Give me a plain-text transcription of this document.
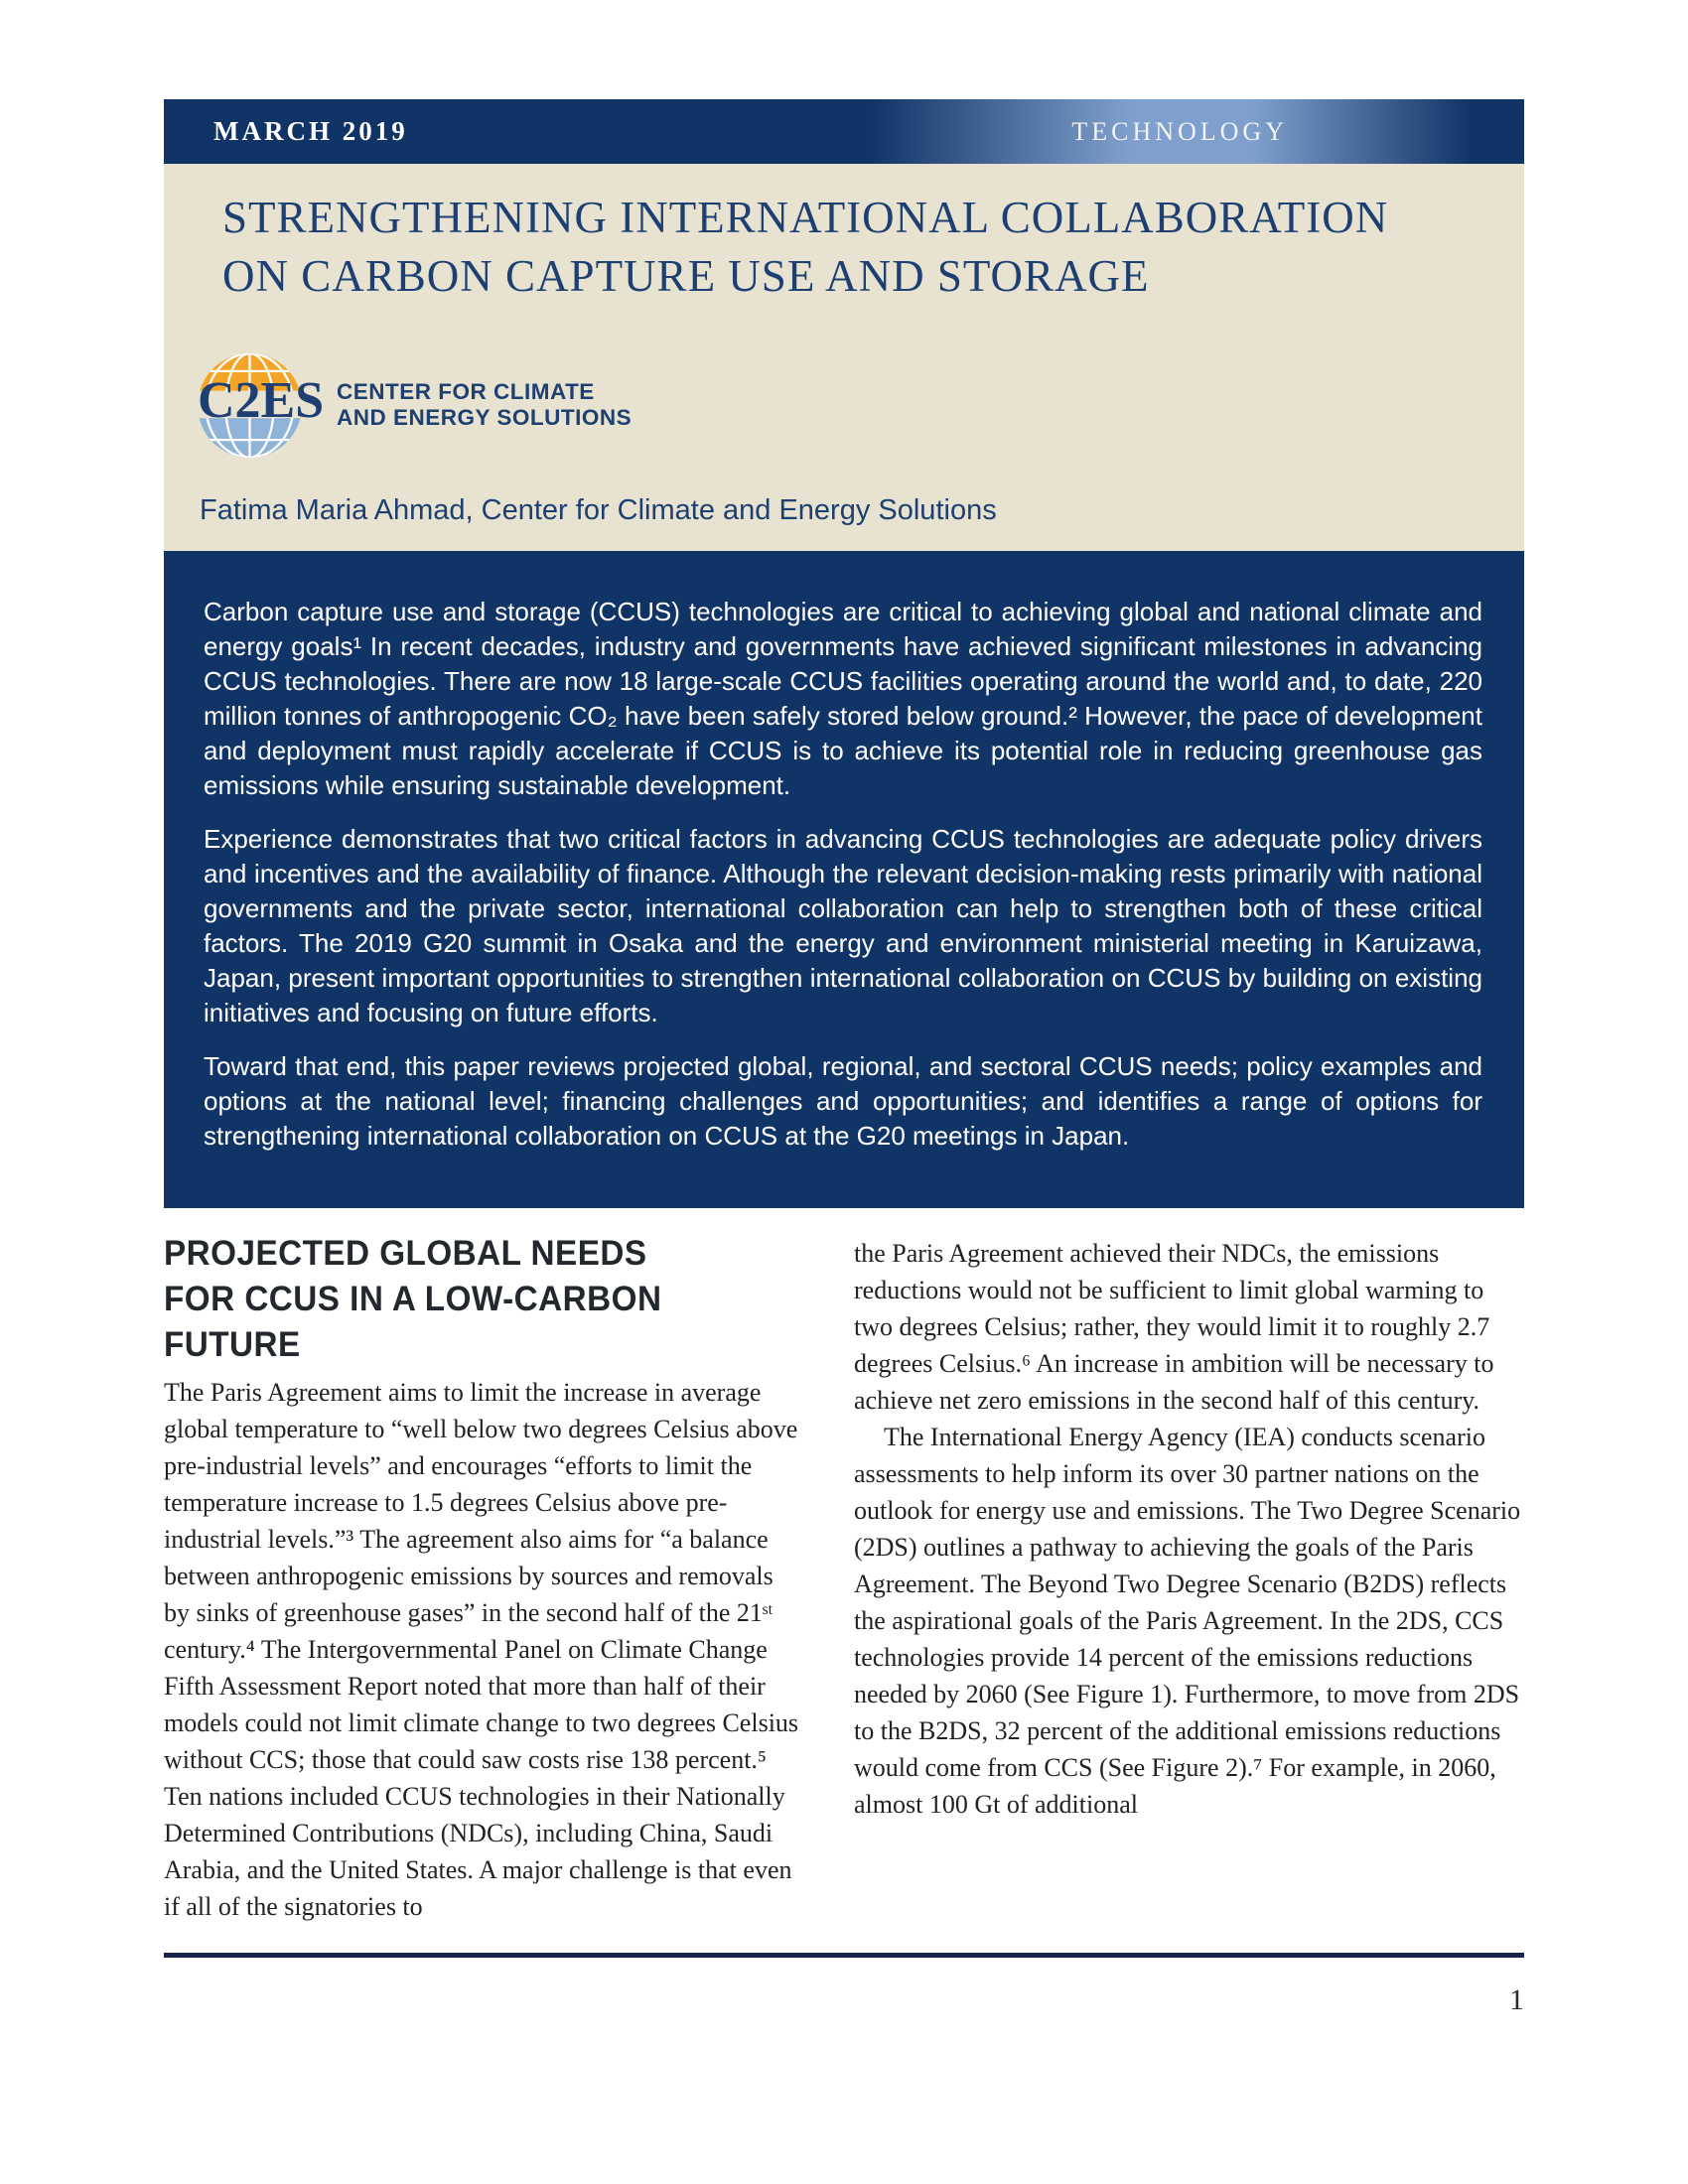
MARCH 2019	TECHNOLOGY
STRENGTHENING INTERNATIONAL COLLABORATION
ON CARBON CAPTURE USE AND STORAGE
C2ES CENTER FOR CLIMATE
AND ENERGY SOLUTIONS
Fatima Maria Ahmad, Center for Climate and Energy Solutions

Carbon capture use and storage (CCUS) technologies are critical to achieving global and national climate and energy goals¹ In recent decades, industry and governments have achieved significant milestones in advancing CCUS technologies. There are now 18 large-scale CCUS facilities operating around the world and, to date, 220 million tonnes of anthropogenic CO₂ have been safely stored below ground.² However, the pace of development and deployment must rapidly accelerate if CCUS is to achieve its potential role in reducing greenhouse gas emissions while ensuring sustainable development.

Experience demonstrates that two critical factors in advancing CCUS technologies are adequate policy drivers and incentives and the availability of finance. Although the relevant decision-making rests primarily with national governments and the private sector, international collaboration can help to strengthen both of these critical factors. The 2019 G20 summit in Osaka and the energy and environment ministerial meeting in Karuizawa, Japan, present important opportunities to strengthen international collaboration on CCUS by building on existing initiatives and focusing on future efforts.

Toward that end, this paper reviews projected global, regional, and sectoral CCUS needs; policy examples and options at the national level; financing challenges and opportunities; and identifies a range of options for strengthening international collaboration on CCUS at the G20 meetings in Japan.

PROJECTED GLOBAL NEEDS
FOR CCUS IN A LOW-CARBON FUTURE

The Paris Agreement aims to limit the increase in average global temperature to “well below two degrees Celsius above pre-industrial levels” and encourages “efforts to limit the temperature increase to 1.5 degrees Celsius above pre-industrial levels.”³ The agreement also aims for “a balance between anthropogenic emissions by sources and removals by sinks of greenhouse gases” in the second half of the 21ˢᵗ century.⁴ The Intergovernmental Panel on Climate Change Fifth Assessment Report noted that more than half of their models could not limit climate change to two degrees Celsius without CCS; those that could saw costs rise 138 percent.⁵ Ten nations included CCUS technologies in their Nationally Determined Contributions (NDCs), including China, Saudi Arabia, and the United States. A major challenge is that even if all of the signatories to

the Paris Agreement achieved their NDCs, the emissions reductions would not be sufficient to limit global warming to two degrees Celsius; rather, they would limit it to roughly 2.7 degrees Celsius.⁶ An increase in ambition will be necessary to achieve net zero emissions in the second half of this century.

The International Energy Agency (IEA) conducts scenario assessments to help inform its over 30 partner nations on the outlook for energy use and emissions. The Two Degree Scenario (2DS) outlines a pathway to achieving the goals of the Paris Agreement. The Beyond Two Degree Scenario (B2DS) reflects the aspirational goals of the Paris Agreement. In the 2DS, CCS technologies provide 14 percent of the emissions reductions needed by 2060 (See Figure 1). Furthermore, to move from 2DS to the B2DS, 32 percent of the additional emissions reductions would come from CCS (See Figure 2).⁷ For example, in 2060, almost 100 Gt of additional

1
